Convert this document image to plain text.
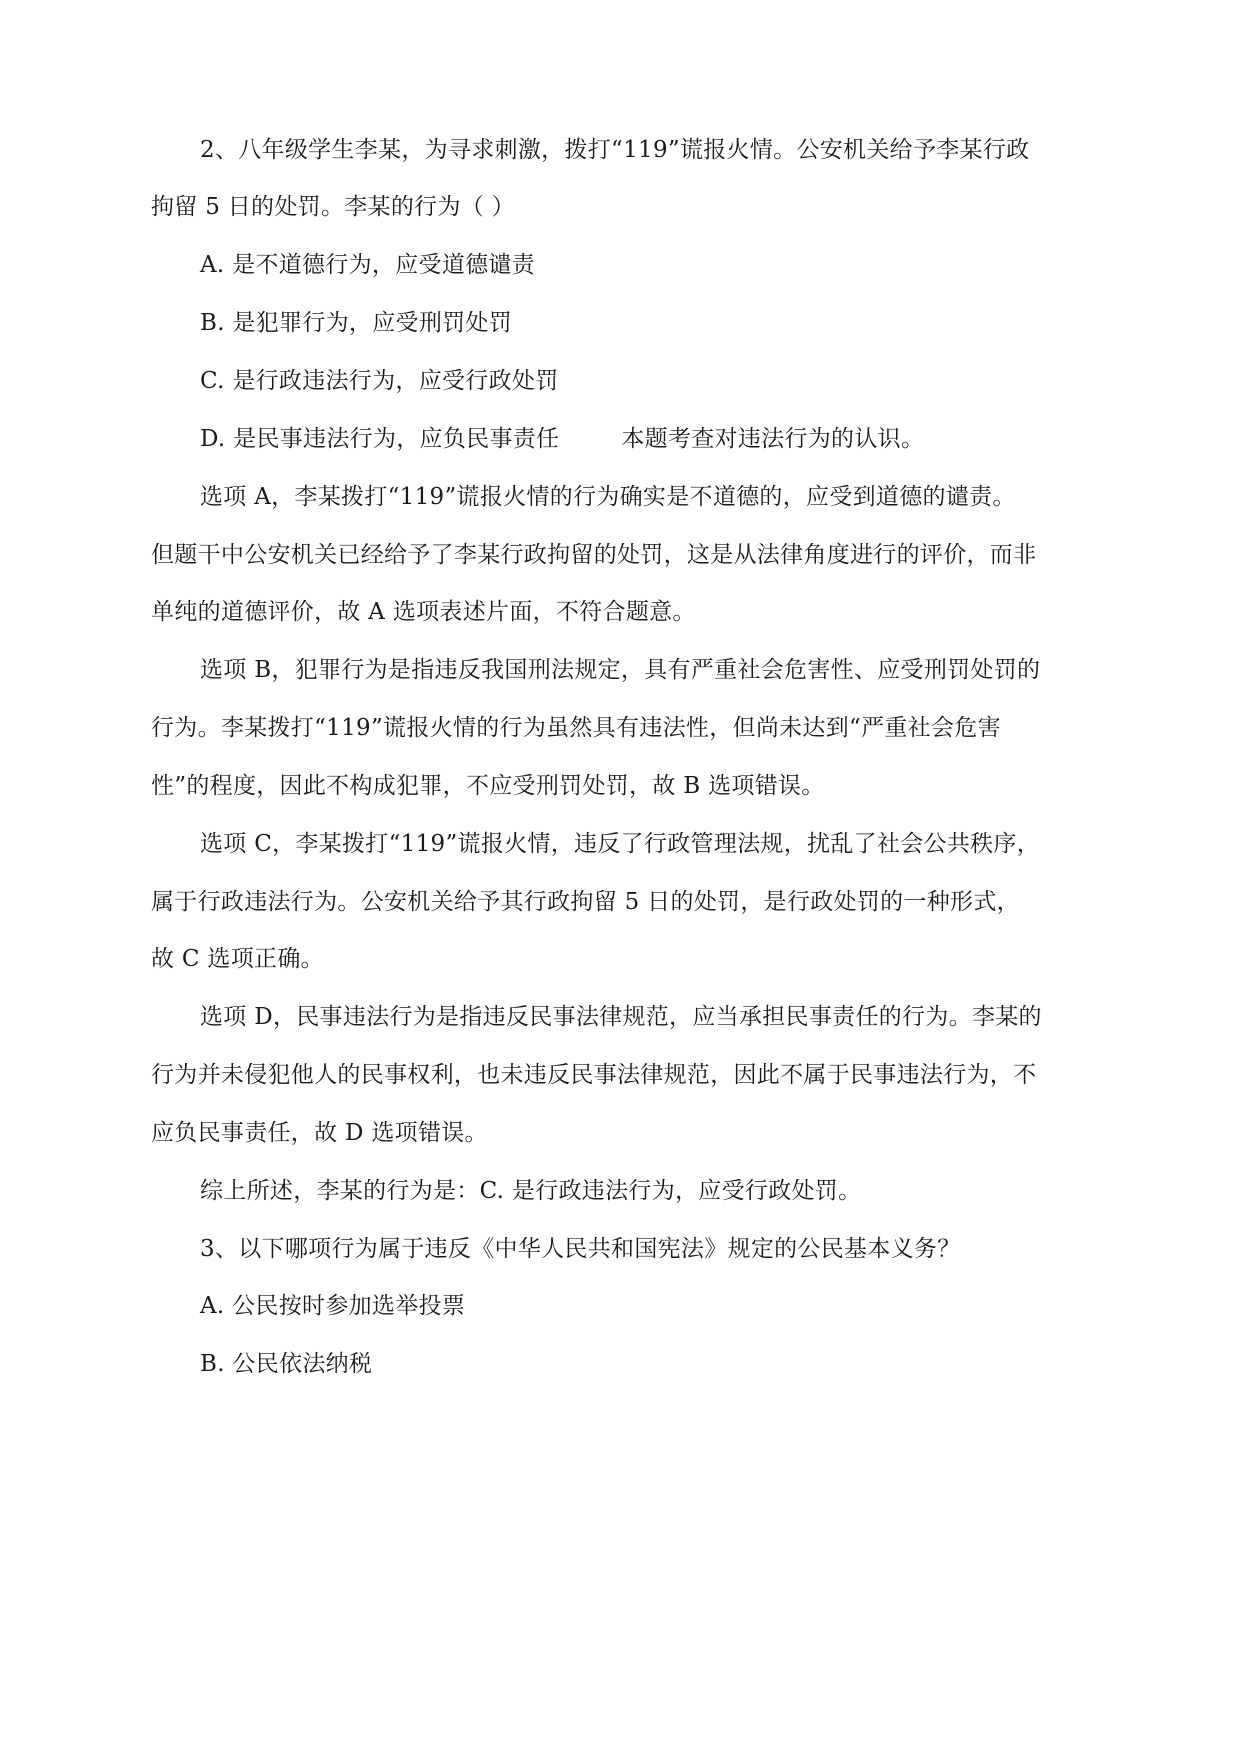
2、八年级学生李某，为寻求刺激，拨打“119”谎报火情。公安机关给予李某行政
拘留 5 日的处罚。李某的行为（ ）
A. 是不道德行为，应受道德谴责
B. 是犯罪行为，应受刑罚处罚
C. 是行政违法行为，应受行政处罚
D. 是民事违法行为，应负民事责任	本题考查对违法行为的认识。
选项 A，李某拨打“119”谎报火情的行为确实是不道德的，应受到道德的谴责。
但题干中公安机关已经给予了李某行政拘留的处罚，这是从法律角度进行的评价，而非
单纯的道德评价，故 A 选项表述片面，不符合题意。
选项 B，犯罪行为是指违反我国刑法规定，具有严重社会危害性、应受刑罚处罚的
行为。李某拨打“119”谎报火情的行为虽然具有违法性，但尚未达到“严重社会危害
性”的程度，因此不构成犯罪，不应受刑罚处罚，故 B 选项错误。
选项 C，李某拨打“119”谎报火情，违反了行政管理法规，扰乱了社会公共秩序，
属于行政违法行为。公安机关给予其行政拘留 5 日的处罚，是行政处罚的一种形式，
故 C 选项正确。
选项 D，民事违法行为是指违反民事法律规范，应当承担民事责任的行为。李某的
行为并未侵犯他人的民事权利，也未违反民事法律规范，因此不属于民事违法行为，不
应负民事责任，故 D 选项错误。
综上所述，李某的行为是：C. 是行政违法行为，应受行政处罚。
3、以下哪项行为属于违反《中华人民共和国宪法》规定的公民基本义务？
A. 公民按时参加选举投票
B. 公民依法纳税
